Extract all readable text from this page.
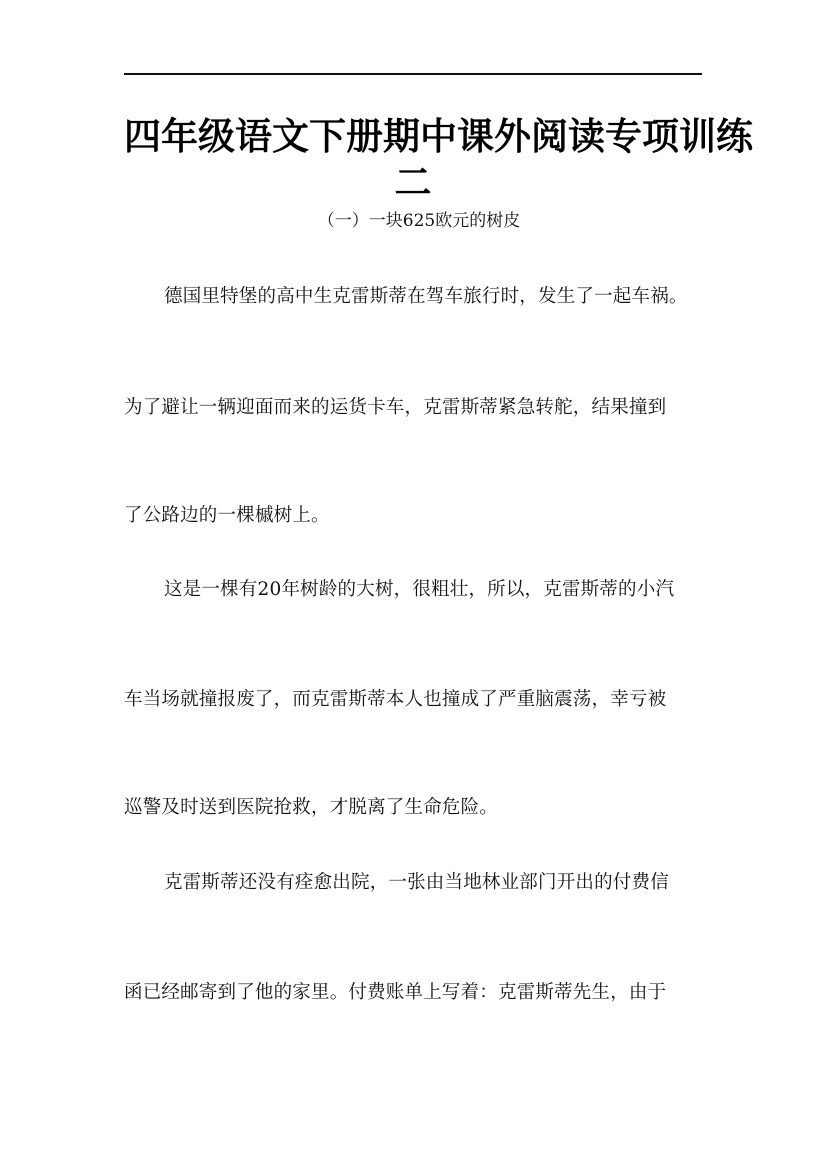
四年级语文下册期中课外阅读专项训练
二
（一）一块625欧元的树皮
德国里特堡的高中生克雷斯蒂在驾车旅行时，发生了一起车祸。
为了避让一辆迎面而来的运货卡车，克雷斯蒂紧急转舵，结果撞到
了公路边的一棵槭树上。
这是一棵有20年树龄的大树，很粗壮，所以，克雷斯蒂的小汽
车当场就撞报废了，而克雷斯蒂本人也撞成了严重脑震荡，幸亏被
巡警及时送到医院抢救，才脱离了生命危险。
克雷斯蒂还没有痊愈出院，一张由当地林业部门开出的付费信
函已经邮寄到了他的家里。付费账单上写着：克雷斯蒂先生，由于
